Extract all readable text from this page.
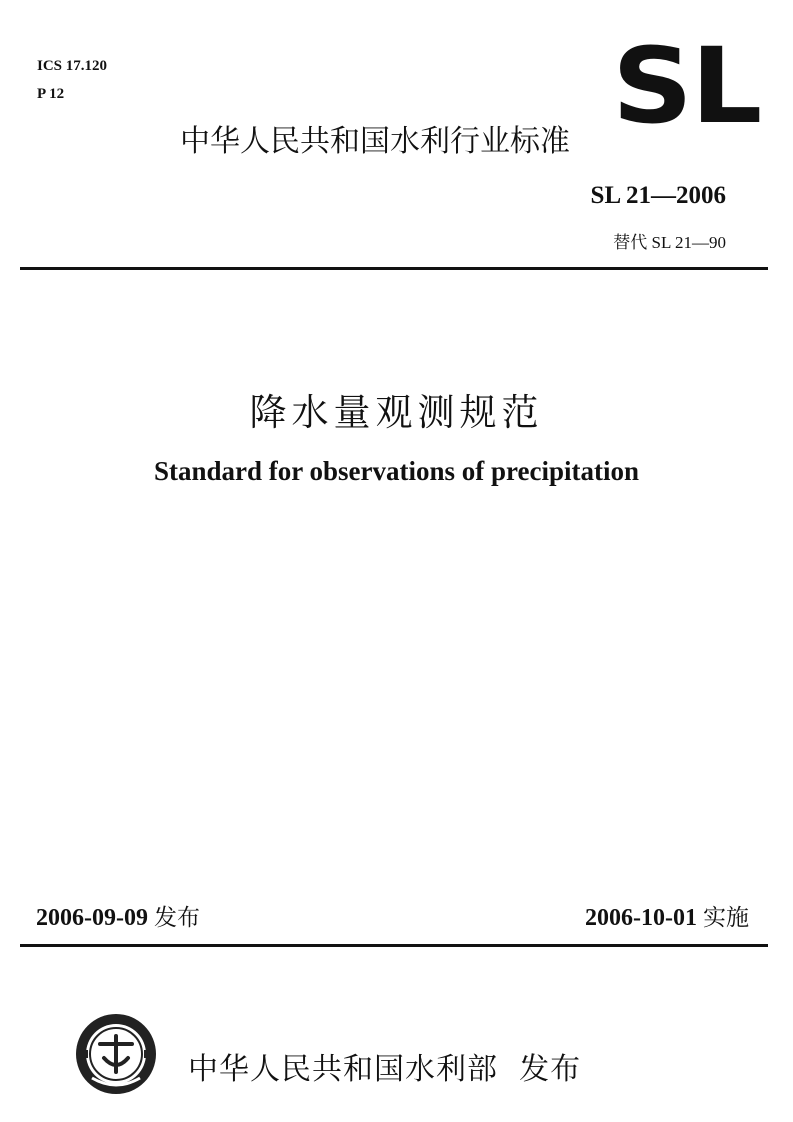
ICS 17.120
P 12	SL
中华人民共和国水利行业标准
SL 21—2006
替代 SL 21—90
降水量观测规范
Standard for observations of precipitation
2006-09-09 发布	2006-10-01 实施
中华人民共和国水利部 发布
